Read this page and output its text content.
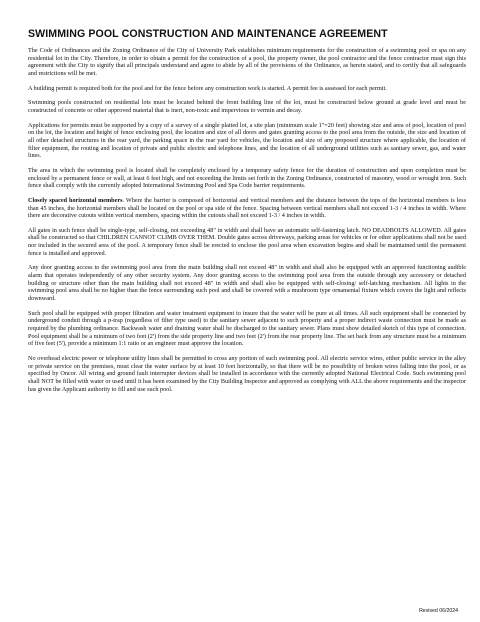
SWIMMING POOL CONSTRUCTION AND MAINTENANCE AGREEMENT

The Code of Ordinances and the Zoning Ordinance of the City of University Park establishes minimum requirements for the construction of a swimming pool or spa on any residential lot in the City. Therefore, in order to obtain a permit for the construction of a pool, the property owner, the pool contractor and the fence contractor must sign this agreement with the City to signify that all principals understand and agree to abide by all of the provisions of the Ordinance, as herein stated, and to certify that all safeguards and restrictions will be met.

A building permit is required both for the pool and for the fence before any construction work is started. A permit fee is assessed for each permit.

Swimming pools constructed on residential lots must be located behind the front building line of the lot, must be constructed below ground at grade level and must be constructed of concrete or other approved material that is inert, non-toxic and impervious to vermin and decay.

Applications for permits must be supported by a copy of a survey of a single platted lot, a site plan (minimum scale 1"=20 feet) showing size and area of pool, location of pool on the lot, the location and height of fence enclosing pool, the location and size of all doors and gates granting access to the pool area from the outside, the size and location of all other detached structures in the rear yard, the parking space in the rear yard for vehicles, the location and size of any proposed structure where applicable, the location of filter equipment, the routing and location of private and public electric and telephone lines, and the location of all underground utilities such as sanitary sewer, gas, and water lines.

The area in which the swimming pool is located shall be completely enclosed by a temporary safety fence for the duration of construction and upon completion must be enclosed by a permanent fence or wall, at least 6 feet high, and not exceeding the limits set forth in the Zoning Ordinance, constructed of masonry, wood or wrought iron. Such fence shall comply with the currently adopted International Swimming Pool and Spa Code barrier requirements.

Closely spaced horizontal members. Where the barrier is composed of horizontal and vertical members and the distance between the tops of the horizontal members is less than 45 inches, the horizontal members shall be located on the pool or spa side of the fence. Spacing between vertical members shall not exceed 1-3 / 4 inches in width. Where there are decorative cutouts within vertical members, spacing within the cutouts shall not exceed 1-3 / 4 inches in width.

All gates in such fence shall be single-type, self-closing, not exceeding 48" in width and shall have an automatic self-fastening latch. NO DEADBOLTS ALLOWED. All gates shall be constructed so that CHILDREN CANNOT CLIMB OVER THEM. Double gates across driveways, parking areas for vehicles or for other applications shall not be used nor included in the secured area of the pool. A temporary fence shall be erected to enclose the pool area when excavation begins and shall be maintained until the permanent fence is installed and approved.

Any door granting access to the swimming pool area from the main building shall not exceed 48" in width and shall also be equipped with an approved functioning audible alarm that operates independently of any other security system. Any door granting access to the swimming pool area from the outside through any accessory or detached building or structure other than the main building shall not exceed 48" in width and shall also be equipped with self-closing/ self-latching mechanism. All lights in the swimming pool area shall be no higher than the fence surrounding such pool and shall be covered with a mushroom type ornamental fixture which covers the light and reflects downward.

Such pool shall be equipped with proper filtration and water treatment equipment to insure that the water will be pure at all times. All such equipment shall be connected by underground conduit through a p-trap (regardless of filter type used) to the sanitary sewer adjacent to such property and a proper indirect waste connection must be made as required by the plumbing ordinance. Backwash water and draining water shall be discharged to the sanitary sewer. Plans must show detailed sketch of this type of connection. Pool equipment shall be a minimum of two feet (2') from the side property line and two feet (2') from the rear property line. The set back from any structure must be a minimum of five feet (5'), provide a minimum 1:1 ratio or an engineer must approve the location.

No overhead electric power or telephone utility lines shall be permitted to cross any portion of such swimming pool. All electric service wires, either public service in the alley or private service on the premises, must clear the water surface by at least 10 feet horizontally, so that there will be no possibility of broken wires falling into the pool, or as specified by Oncor. All wiring and ground fault interrupter devices shall be installed in accordance with the currently adopted National Electrical Code. Such swimming pool shall NOT be filled with water or used until it has been examined by the City Building Inspector and approved as complying with ALL the above requirements and the inspector has given the Applicant authority to fill and use such pool.

Revised 06/2024
